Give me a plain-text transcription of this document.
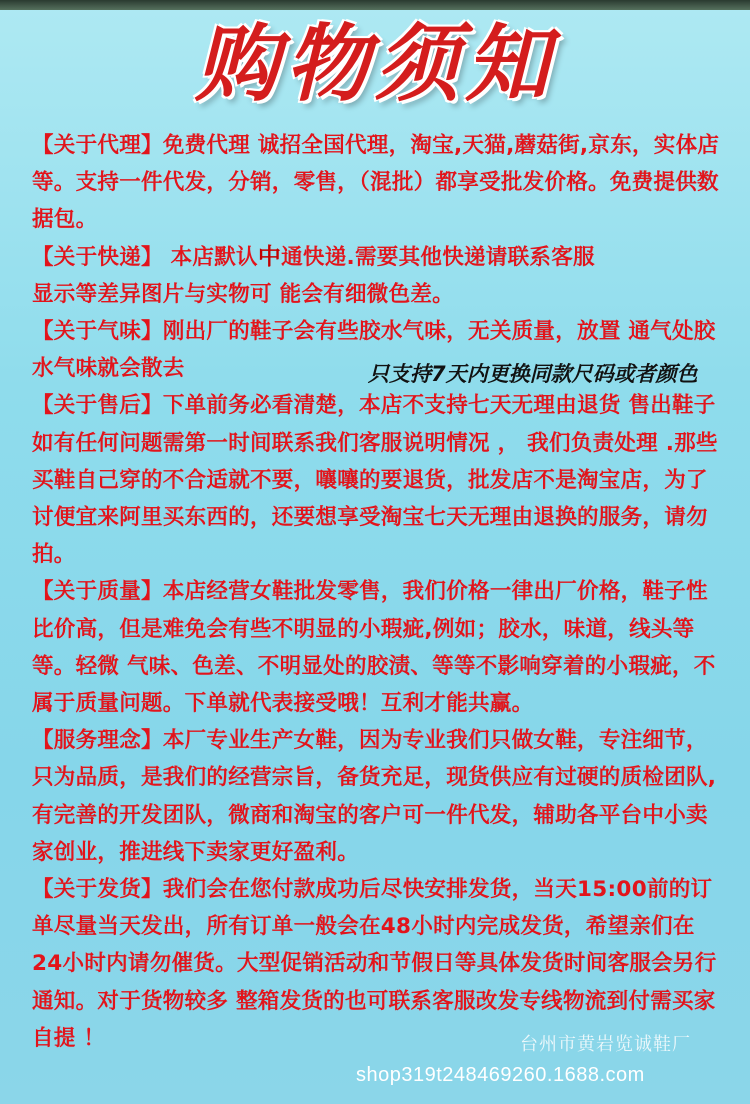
购物须知

【关于代理】免费代理 诚招全国代理，淘宝,天猫,蘑菇街,京东，实体店等。支持一件代发，分销，零售，（混批）都享受批发价格。免费提供数据包。

【关于快递】 本店默认中通快递.需要其他快递请联系客服

显示等差异图片与实物可 能会有细微色差。

【关于气味】刚出厂的鞋子会有些胶水气味，无关质量，放置 通气处胶水气味就会散去

【关于售后】下单前务必看清楚，本店不支持七天无理由退货 售出鞋子如有任何问题需第一时间联系我们客服说明情况 ， 我们负责处理 .那些买鞋自己穿的不合适就不要，嚷嚷的要退货，批发店不是淘宝店，为了讨便宜来阿里买东西的，还要想享受淘宝七天无理由退换的服务，请勿拍。

【关于质量】本店经营女鞋批发零售，我们价格一律出厂价格，鞋子性比价高，但是难免会有些不明显的小瑕疵,例如；胶水，味道，线头等等。轻微 气味、色差、不明显处的胶渍、等等不影响穿着的小瑕疵，不属于质量问题。下单就代表接受哦！互利才能共赢。

【服务理念】本厂专业生产女鞋，因为专业我们只做女鞋，专注细节，只为品质，是我们的经营宗旨，备货充足，现货供应有过硬的质检团队,有完善的开发团队，微商和淘宝的客户可一件代发，辅助各平台中小卖家创业，推进线下卖家更好盈利。

【关于发货】我们会在您付款成功后尽快安排发货，当天15:00前的订单尽量当天发出，所有订单一般会在48小时内完成发货，希望亲们在24小时内请勿催货。大型促销活动和节假日等具体发货时间客服会另行通知。对于货物较多 整箱发货的也可联系客服改发专线物流到付需买家自提 ！

只支持7天内更换同款尺码或者颜色
台州市黄岩览诚鞋厂
shop319t248469260.1688.com
